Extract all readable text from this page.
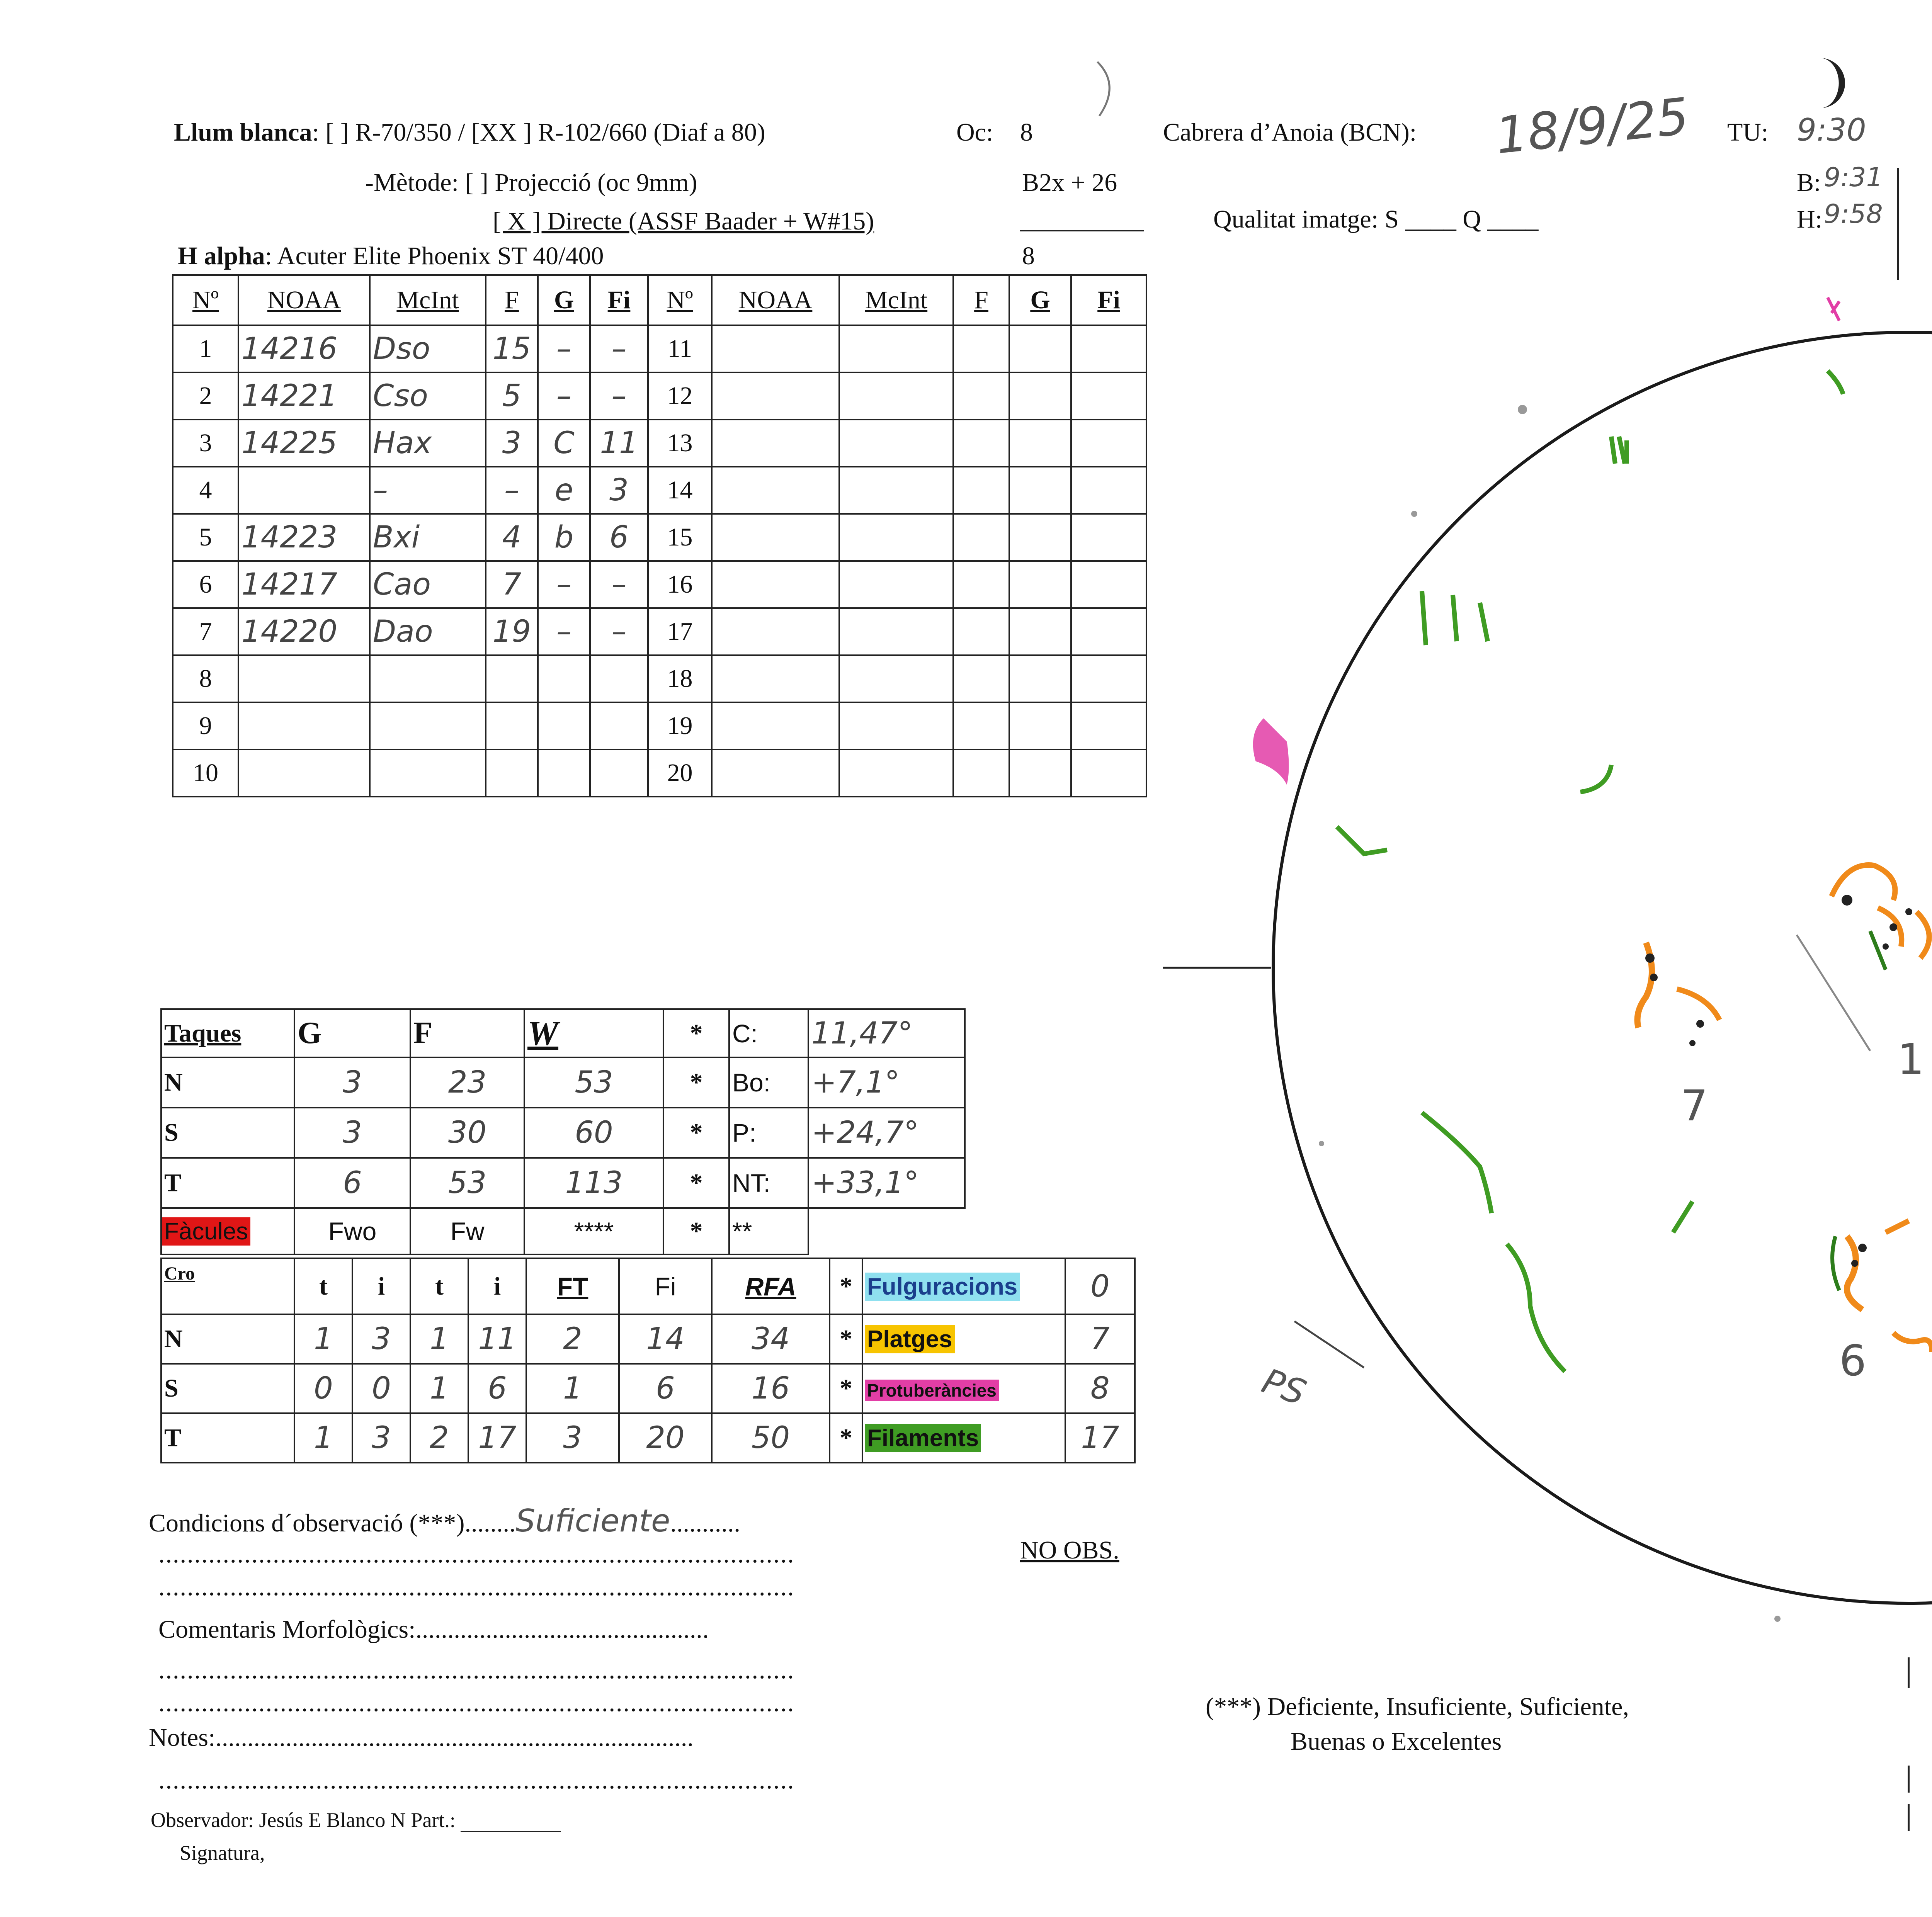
Llum blanca: [ ] R-70/350 / [XX ] R-102/660 (Diaf a 80)	Oc: 8
-Mètode: [ ] Projecció (oc 9mm)	B2x + 26
[ X ] Directe (ASSF Baader + W#15)
H alpha: Acuter Elite Phoenix ST 40/400	8
Cabrera d’Anoia (BCN): 18/9/25 TU: 9:30
B: 9:31
H: 9:58
Qualitat imatge: S ____ Q ____
Nº	NOAA	McInt	F	G	Fi	Nº	NOAA	McInt	F	G	Fi
1	14216	Dso	15	–	–	11					
2	14221	Cso	5	–	–	12					
3	14225	Hax	3	C	11	13					
4		–	–	e	3	14					
5	14223	Bxi	4	b	6	15					
6	14217	Cao	7	–	–	16					
7	14220	Dao	19	–	–	17					
8						18					
9						19					
10						20					
Taques	G	F	W	*	C:	11,47°
N	3	23	53	*	Bo:	+7,1°
S	3	30	60	*	P:	+24,7°
T	6	53	113	*	NT:	+33,1°
Fàcules	Fwo	Fw	****	*	**	
Cro	t	i	t	i	FT	Fi	RFA	*	Fulguracions	0
N	1	3	1	11	2	14	34	*	Platges	7
S	0	0	1	6	1	6	16	*	Protuberàncies	8
T	1	3	2	17	3	20	50	*	Filaments	17
Condicions d´observació (***)........Suficiente...........
NO OBS.
.........................................................................................
.........................................................................................
Comentaris Morfològics:..............................................
.........................................................................................
.........................................................................................
Notes:...........................................................................
.........................................................................................
Observador: Jesús E Blanco N Part.:
Signatura,
(***) Deficiente, Insuficiente, Suficiente,
Buenas o Excelentes
PS
1
7
6
